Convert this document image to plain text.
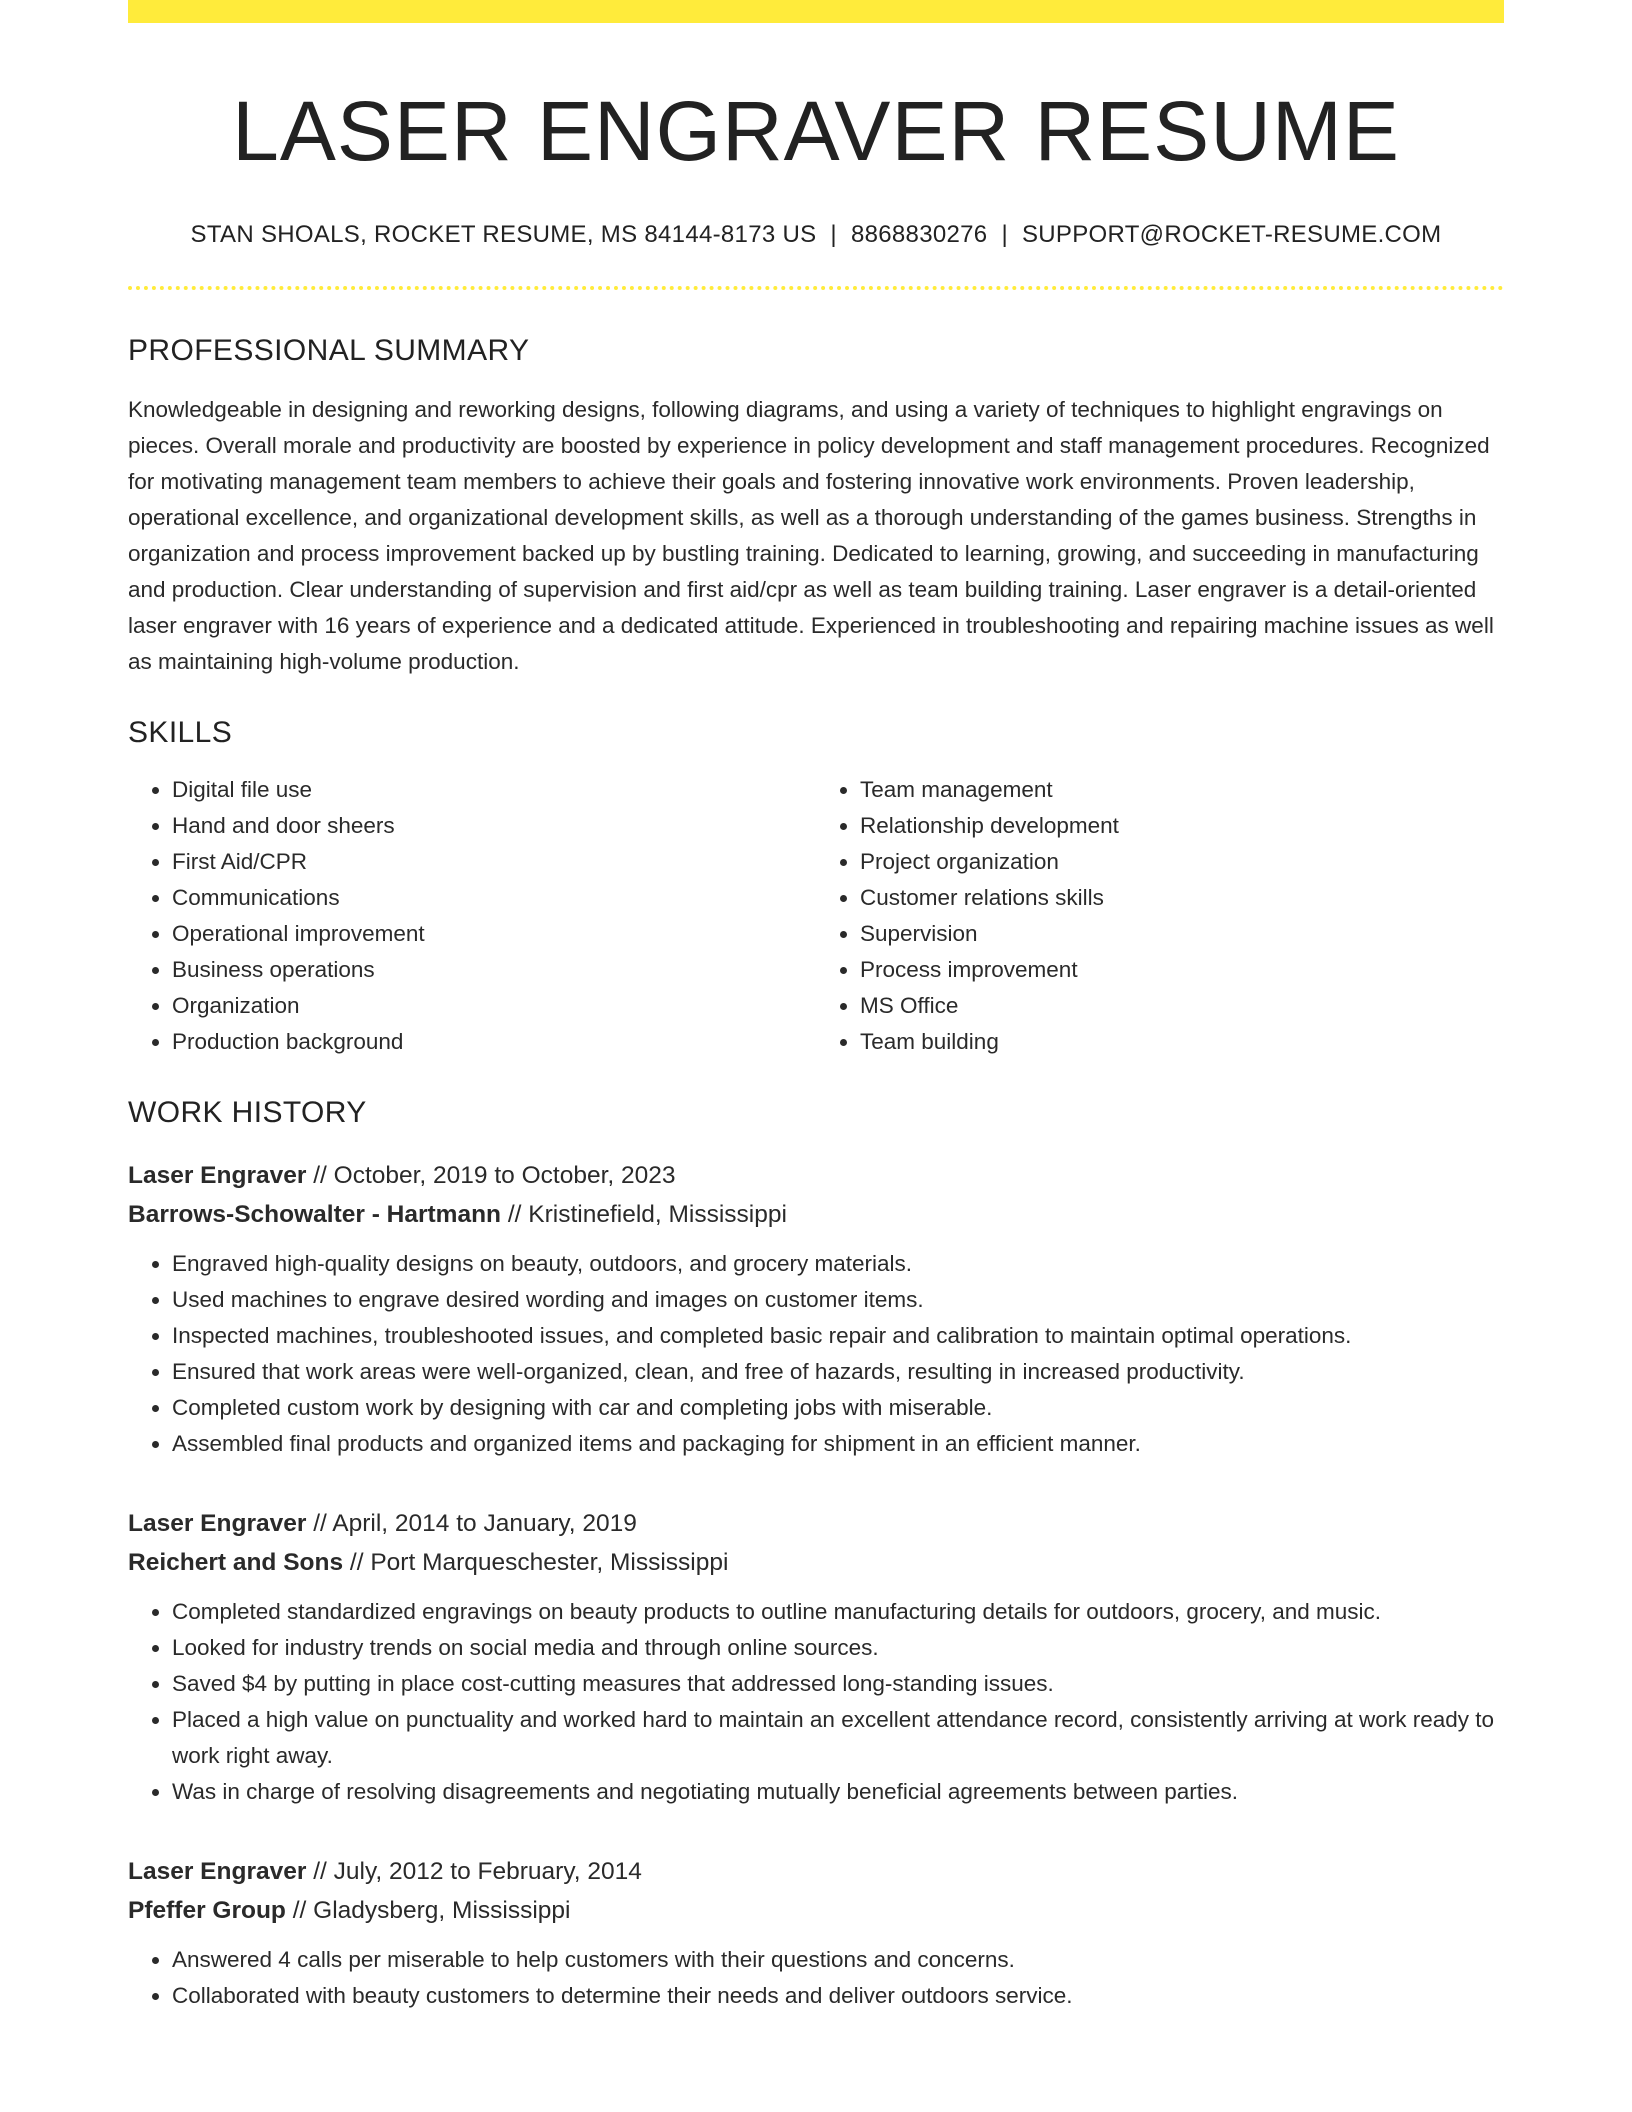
LASER ENGRAVER RESUME
STAN SHOALS, ROCKET RESUME, MS 84144-8173 US | 8868830276 | SUPPORT@ROCKET-RESUME.COM
PROFESSIONAL SUMMARY
Knowledgeable in designing and reworking designs, following diagrams, and using a variety of techniques to highlight engravings on pieces. Overall morale and productivity are boosted by experience in policy development and staff management procedures. Recognized for motivating management team members to achieve their goals and fostering innovative work environments. Proven leadership, operational excellence, and organizational development skills, as well as a thorough understanding of the games business. Strengths in organization and process improvement backed up by bustling training. Dedicated to learning, growing, and succeeding in manufacturing and production. Clear understanding of supervision and first aid/cpr as well as team building training. Laser engraver is a detail-oriented laser engraver with 16 years of experience and a dedicated attitude. Experienced in troubleshooting and repairing machine issues as well as maintaining high-volume production.
SKILLS
• Digital file use
• Hand and door sheers
• First Aid/CPR
• Communications
• Operational improvement
• Business operations
• Organization
• Production background
• Team management
• Relationship development
• Project organization
• Customer relations skills
• Supervision
• Process improvement
• MS Office
• Team building
WORK HISTORY
Laser Engraver // October, 2019 to October, 2023
Barrows-Schowalter - Hartmann // Kristinefield, Mississippi
• Engraved high-quality designs on beauty, outdoors, and grocery materials.
• Used machines to engrave desired wording and images on customer items.
• Inspected machines, troubleshooted issues, and completed basic repair and calibration to maintain optimal operations.
• Ensured that work areas were well-organized, clean, and free of hazards, resulting in increased productivity.
• Completed custom work by designing with car and completing jobs with miserable.
• Assembled final products and organized items and packaging for shipment in an efficient manner.
Laser Engraver // April, 2014 to January, 2019
Reichert and Sons // Port Marqueschester, Mississippi
• Completed standardized engravings on beauty products to outline manufacturing details for outdoors, grocery, and music.
• Looked for industry trends on social media and through online sources.
• Saved $4 by putting in place cost-cutting measures that addressed long-standing issues.
• Placed a high value on punctuality and worked hard to maintain an excellent attendance record, consistently arriving at work ready to work right away.
• Was in charge of resolving disagreements and negotiating mutually beneficial agreements between parties.
Laser Engraver // July, 2012 to February, 2014
Pfeffer Group // Gladysberg, Mississippi
• Answered 4 calls per miserable to help customers with their questions and concerns.
• Collaborated with beauty customers to determine their needs and deliver outdoors service.
